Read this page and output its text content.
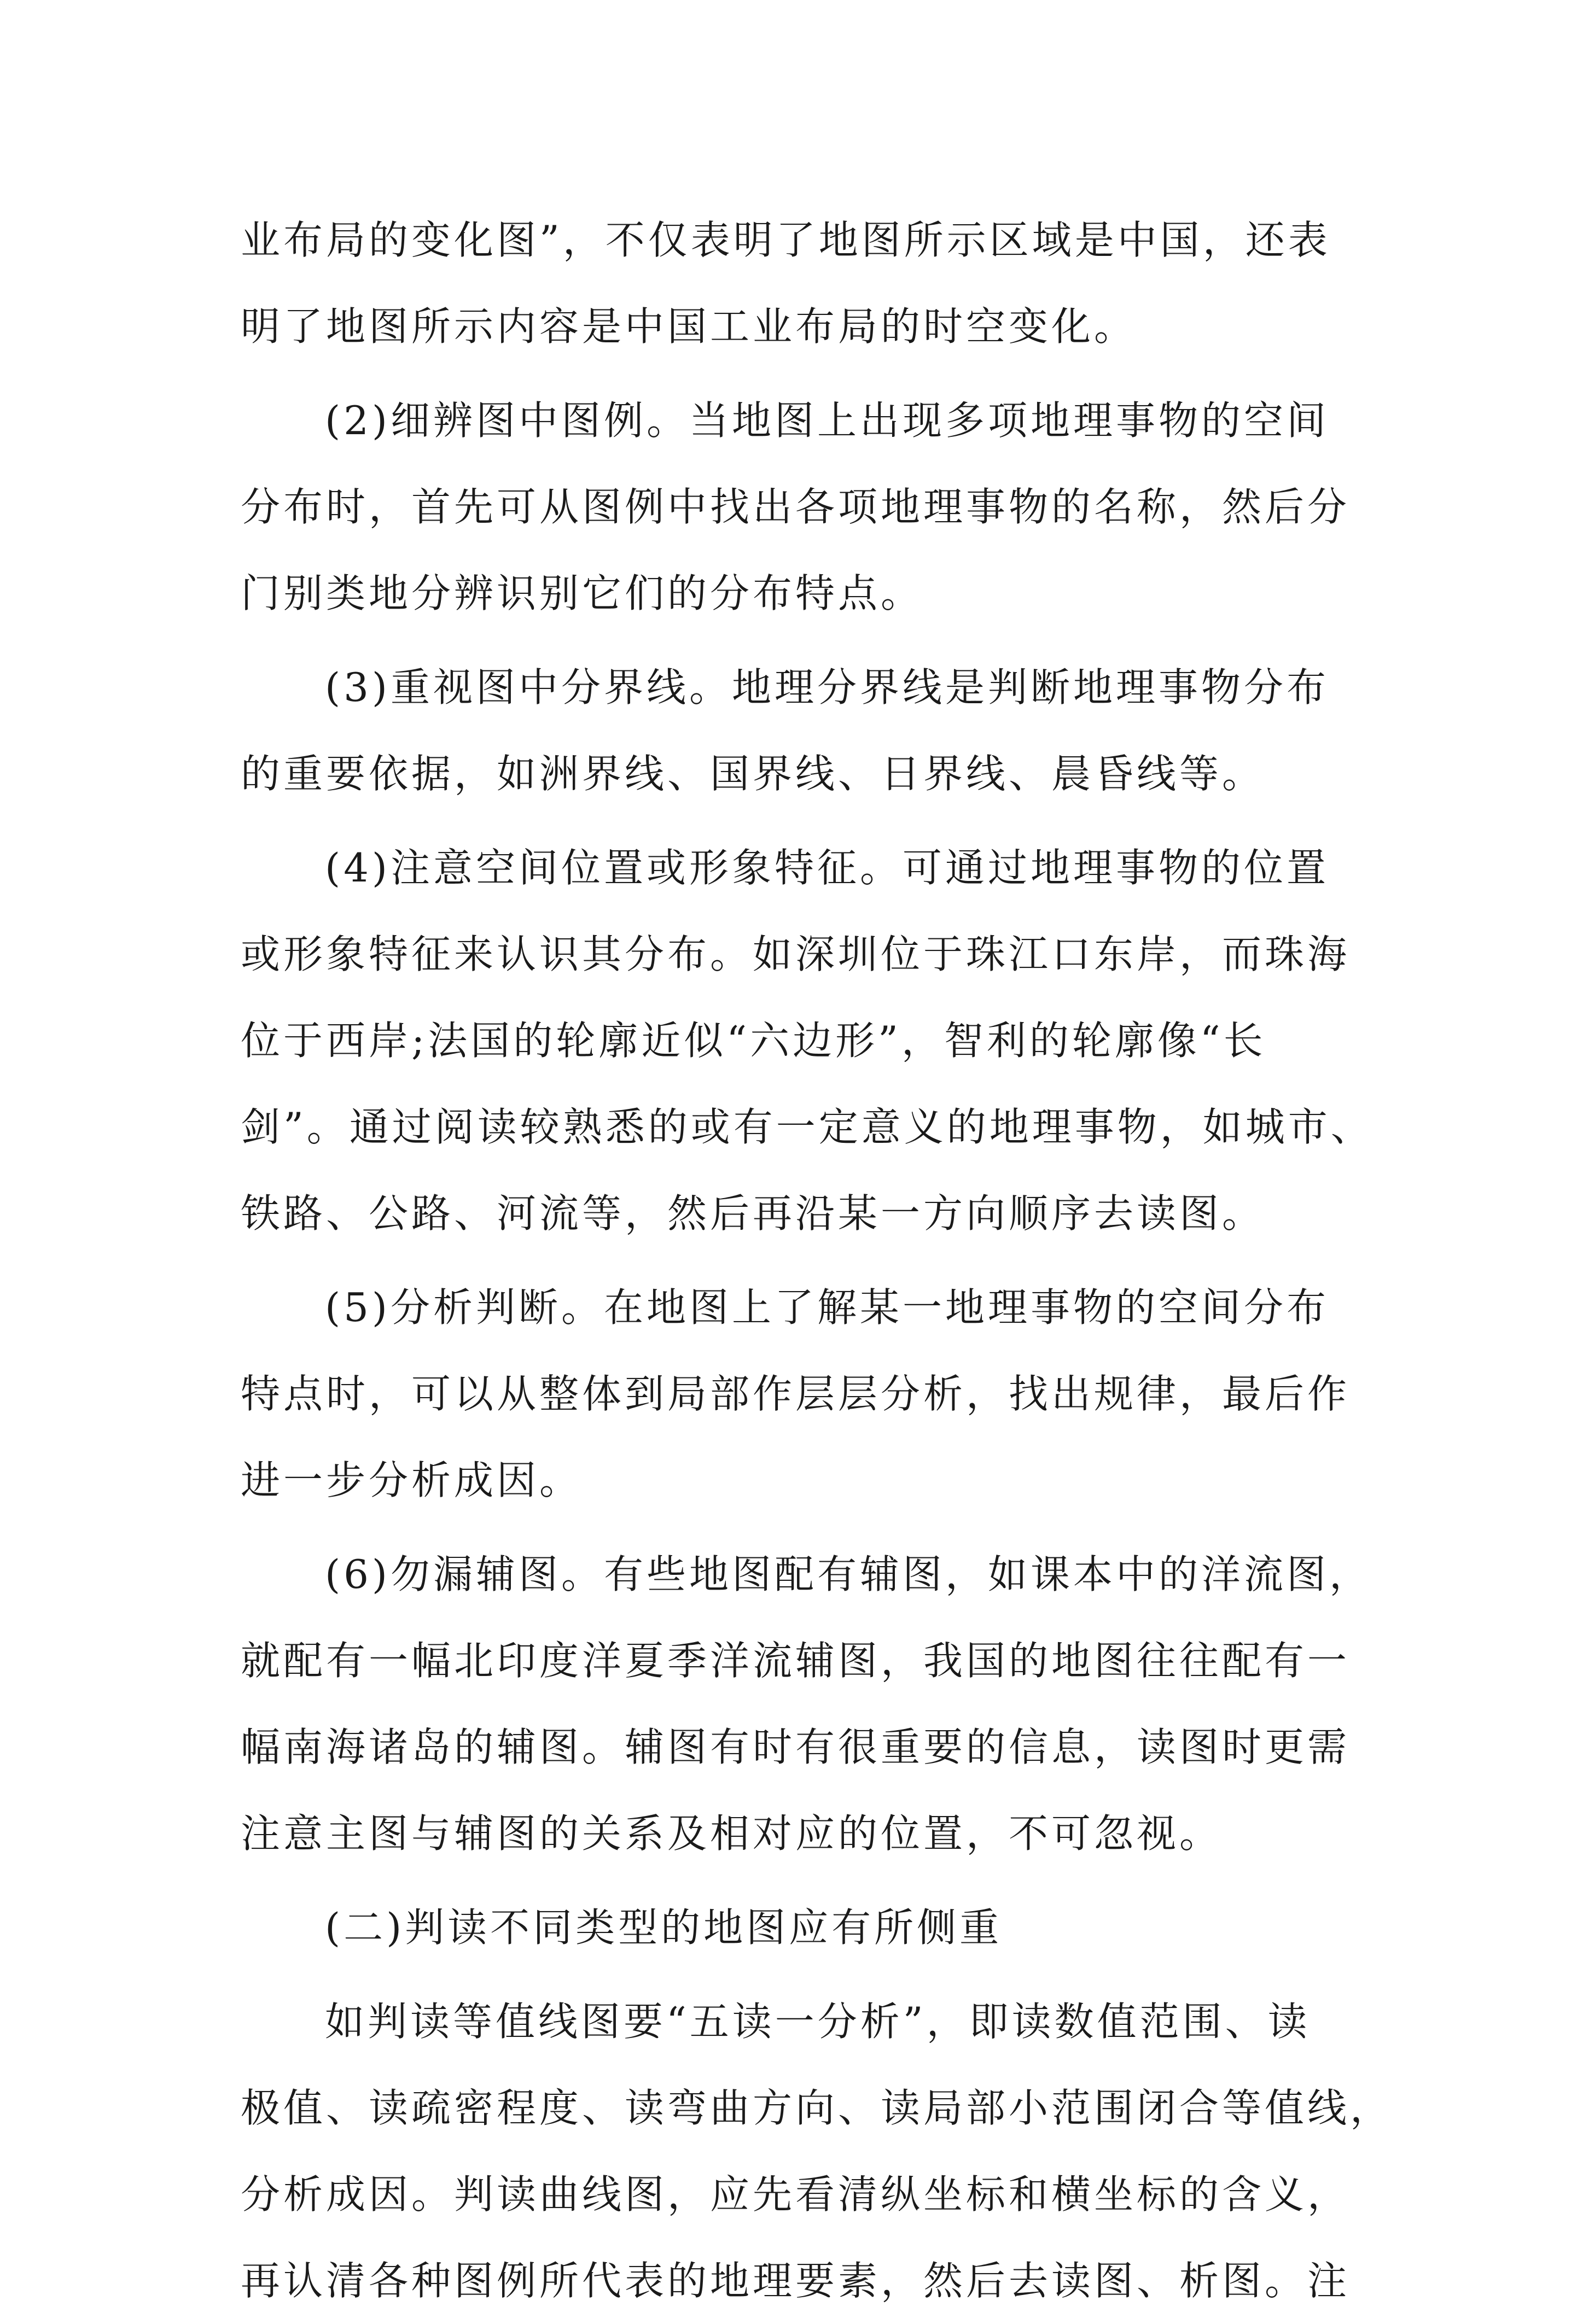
业布局的变化图”，不仅表明了地图所示区域是中国，还表
明了地图所示内容是中国工业布局的时空变化。
(2)细辨图中图例。当地图上出现多项地理事物的空间
分布时，首先可从图例中找出各项地理事物的名称，然后分
门别类地分辨识别它们的分布特点。
(3)重视图中分界线。地理分界线是判断地理事物分布
的重要依据，如洲界线、国界线、日界线、晨昏线等。
(4)注意空间位置或形象特征。可通过地理事物的位置
或形象特征来认识其分布。如深圳位于珠江口东岸，而珠海
位于西岸;法国的轮廓近似“六边形”，智利的轮廓像“长
剑”。通过阅读较熟悉的或有一定意义的地理事物，如城市、
铁路、公路、河流等，然后再沿某一方向顺序去读图。
(5)分析判断。在地图上了解某一地理事物的空间分布
特点时，可以从整体到局部作层层分析，找出规律，最后作
进一步分析成因。
(6)勿漏辅图。有些地图配有辅图，如课本中的洋流图，
就配有一幅北印度洋夏季洋流辅图，我国的地图往往配有一
幅南海诸岛的辅图。辅图有时有很重要的信息，读图时更需
注意主图与辅图的关系及相对应的位置，不可忽视。
(二)判读不同类型的地图应有所侧重
如判读等值线图要“五读一分析”，即读数值范围、读
极值、读疏密程度、读弯曲方向、读局部小范围闭合等值线，
分析成因。判读曲线图，应先看清纵坐标和横坐标的含义，
再认清各种图例所代表的地理要素，然后去读图、析图。注
